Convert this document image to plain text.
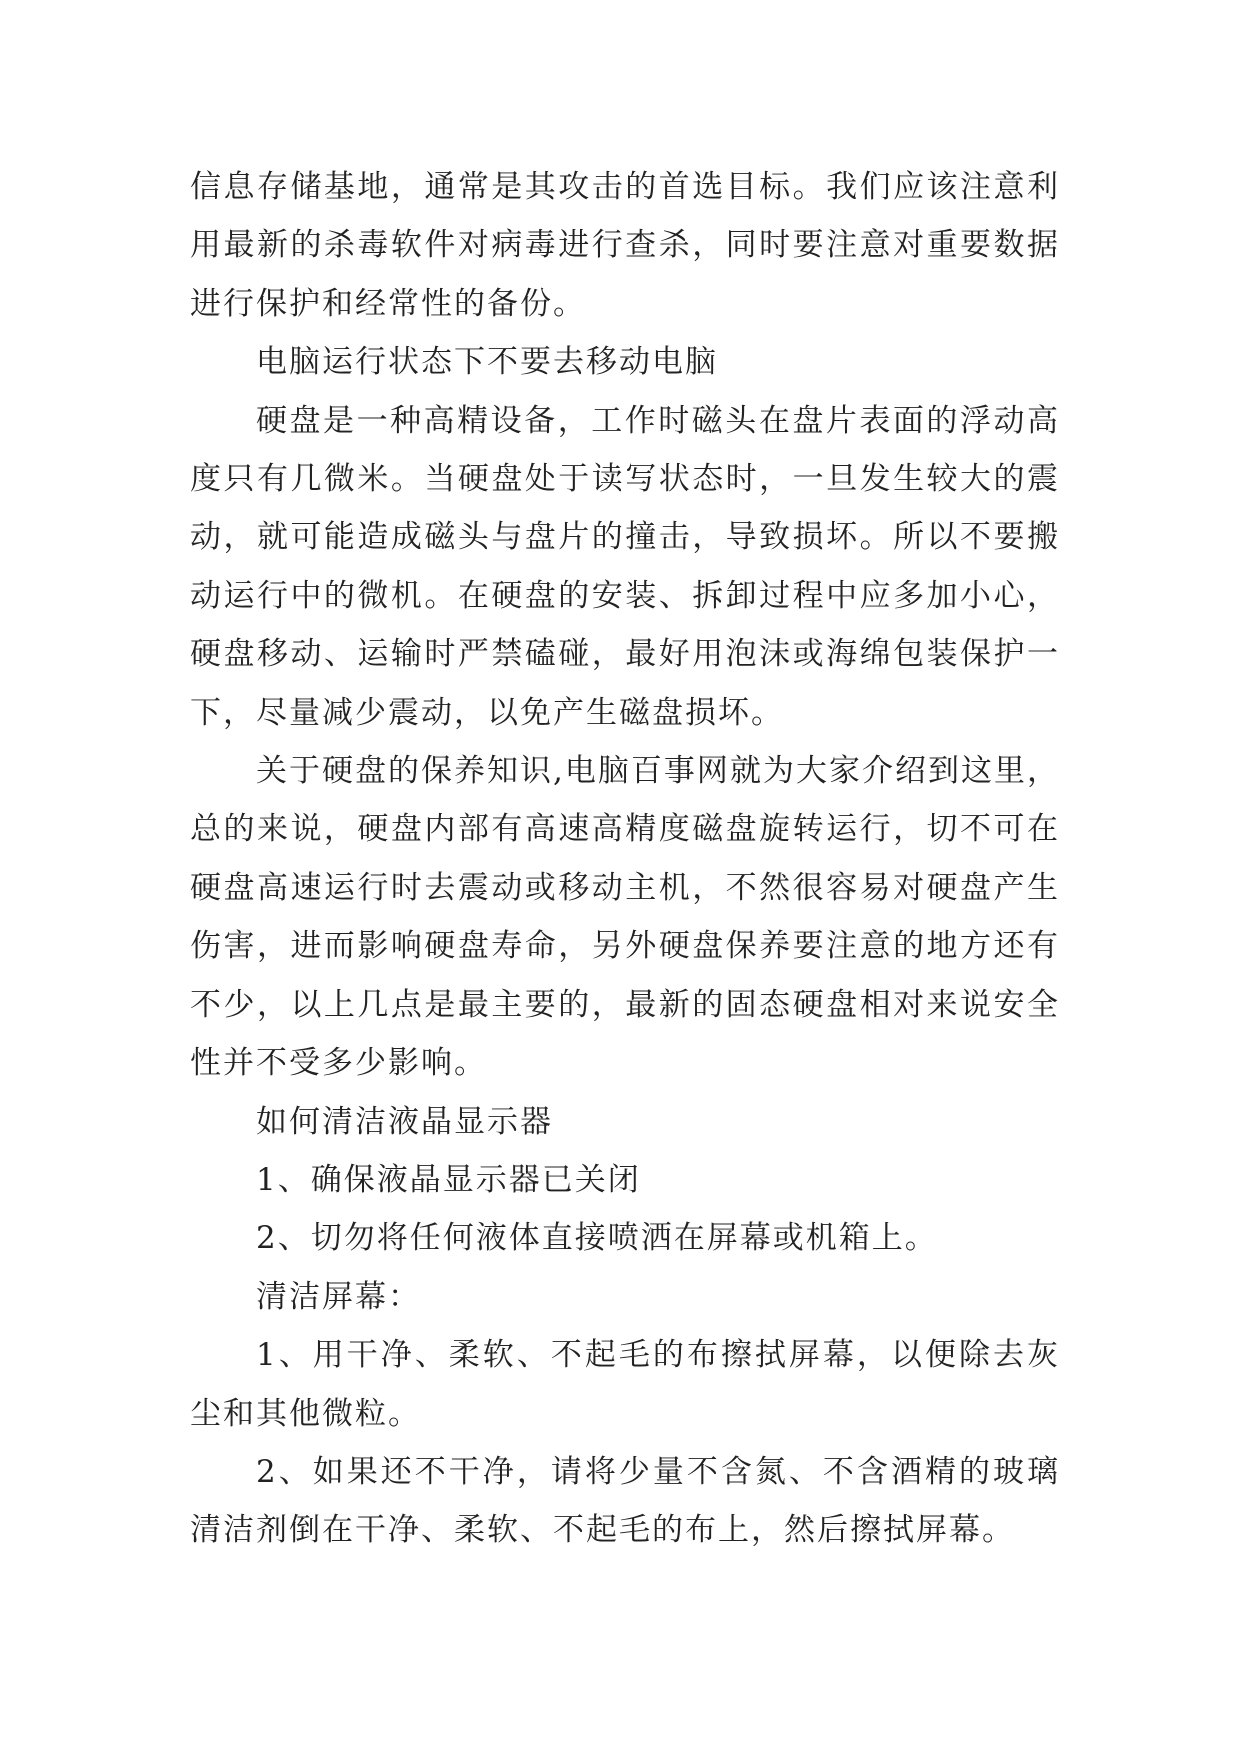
信息存储基地，通常是其攻击的首选目标。我们应该注意利用最新的杀毒软件对病毒进行查杀，同时要注意对重要数据进行保护和经常性的备份。

电脑运行状态下不要去移动电脑

硬盘是一种高精设备，工作时磁头在盘片表面的浮动高度只有几微米。当硬盘处于读写状态时，一旦发生较大的震动，就可能造成磁头与盘片的撞击，导致损坏。所以不要搬动运行中的微机。在硬盘的安装、拆卸过程中应多加小心，硬盘移动、运输时严禁磕碰，最好用泡沫或海绵包装保护一下，尽量减少震动，以免产生磁盘损坏。

关于硬盘的保养知识,电脑百事网就为大家介绍到这里，总的来说，硬盘内部有高速高精度磁盘旋转运行，切不可在硬盘高速运行时去震动或移动主机，不然很容易对硬盘产生伤害，进而影响硬盘寿命，另外硬盘保养要注意的地方还有不少，以上几点是最主要的，最新的固态硬盘相对来说安全性并不受多少影响。

如何清洁液晶显示器

1、确保液晶显示器已关闭

2、切勿将任何液体直接喷洒在屏幕或机箱上。

清洁屏幕：

1、用干净、柔软、不起毛的布擦拭屏幕，以便除去灰尘和其他微粒。

2、如果还不干净，请将少量不含氮、不含酒精的玻璃清洁剂倒在干净、柔软、不起毛的布上，然后擦拭屏幕。
